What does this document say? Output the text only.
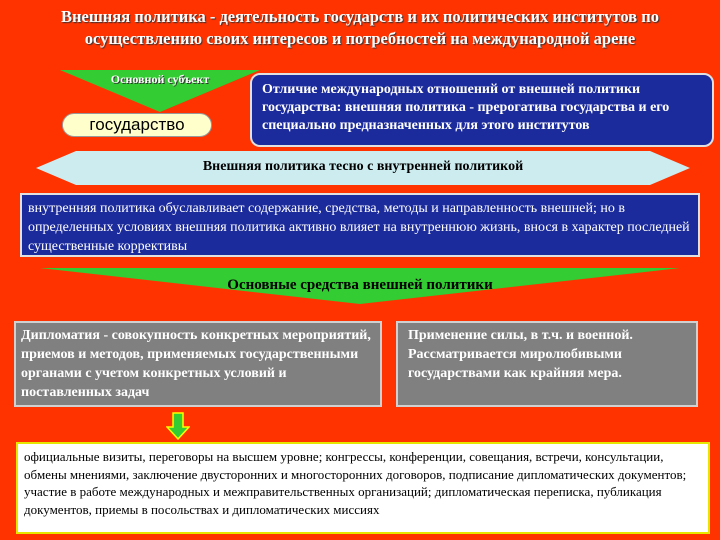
Внешняя политика - деятельность государств и их политических институтов по осуществлению своих интересов и потребностей на международной арене
Основной субъект
государство
Отличие международных отношений от внешней политики государства: внешняя политика - прерогатива государства и его специально предназначенных для этого институтов
Внешняя политика тесно с внутренней политикой
внутренняя политика обуславливает содержание, средства, методы и направленность внешней; но в определенных условиях внешняя политика активно влияет на внутреннюю жизнь, внося в характер последней существенные коррективы
Основные средства внешней политики
Дипломатия - совокупность конкретных мероприятий, приемов и методов, применяемых государственными органами с учетом конкретных условий и поставленных задач
Применение силы, в т.ч. и военной. Рассматривается миролюбивыми государствами как крайняя мера.
официальные визиты, переговоры на высшем уровне; конгрессы, конференции, совещания, встречи, консультации, обмены мнениями, заключение двусторонних и многосторонних договоров, подписание дипломатических документов; участие в работе международных и межправительственных организаций; дипломатическая переписка, публикация документов, приемы в посольствах и дипломатических миссиях
